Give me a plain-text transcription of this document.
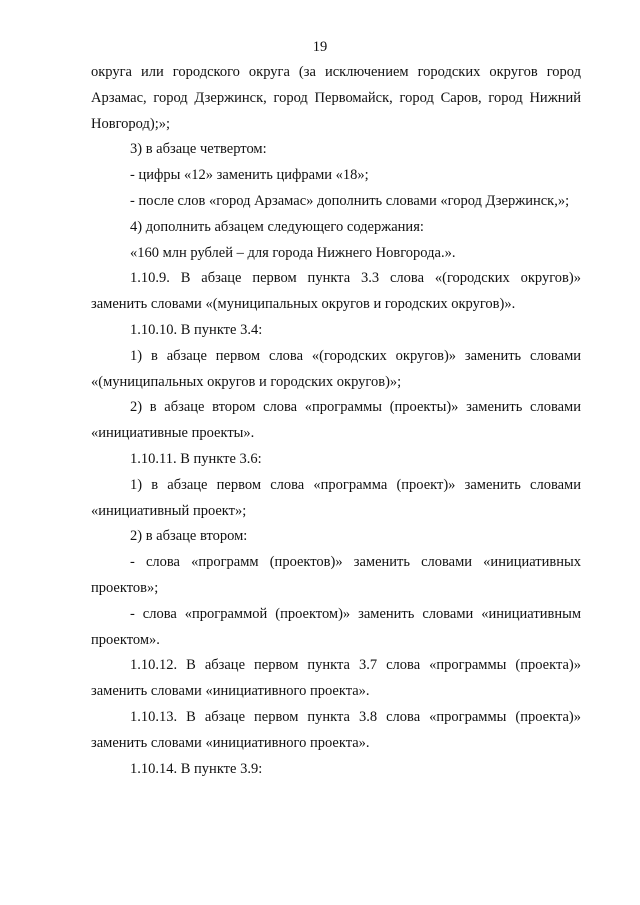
19

округа или городского округа (за исключением городских округов город Арзамас, город Дзержинск, город Первомайск, город Саров, город Нижний Новгород);»;

3) в абзаце четвертом:

- цифры «12» заменить цифрами «18»;

- после слов «город Арзамас» дополнить словами «город Дзержинск,»;

4) дополнить абзацем следующего содержания:

«160 млн рублей – для города Нижнего Новгорода.».

1.10.9. В абзаце первом пункта 3.3 слова «(городских округов)» заменить словами «(муниципальных округов и городских округов)».

1.10.10. В пункте 3.4:

1) в абзаце первом слова «(городских округов)» заменить словами «(муниципальных округов и городских округов)»;

2) в абзаце втором слова «программы (проекты)» заменить словами «инициативные проекты».

1.10.11. В пункте 3.6:

1) в абзаце первом слова «программа (проект)» заменить словами «инициативный проект»;

2) в абзаце втором:

- слова «программ (проектов)» заменить словами «инициативных проектов»;

- слова «программой (проектом)» заменить словами «инициативным проектом».

1.10.12. В абзаце первом пункта 3.7 слова «программы (проекта)» заменить словами «инициативного проекта».

1.10.13. В абзаце первом пункта 3.8 слова «программы (проекта)» заменить словами «инициативного проекта».

1.10.14. В пункте 3.9:
